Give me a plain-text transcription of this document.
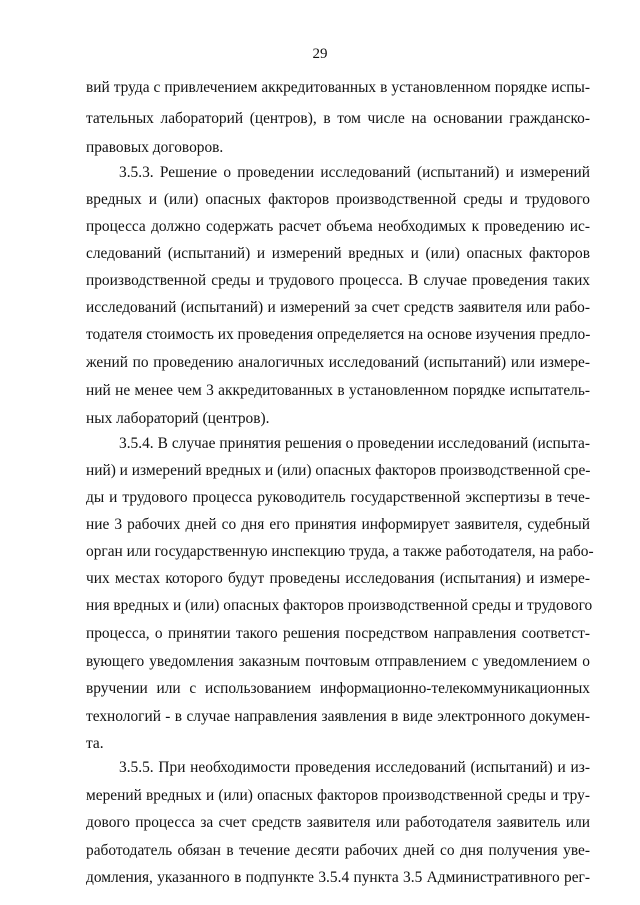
29
вий труда с привлечением аккредитованных в установленном порядке испы-
тательных лабораторий (центров), в том числе на основании гражданско-
правовых договоров.
3.5.3. Решение о проведении исследований (испытаний) и измерений
вредных и (или) опасных факторов производственной среды и трудового
процесса должно содержать расчет объема необходимых к проведению ис-
следований (испытаний) и измерений вредных и (или) опасных факторов
производственной среды и трудового процесса. В случае проведения таких
исследований (испытаний) и измерений за счет средств заявителя или рабо-
тодателя стоимость их проведения определяется на основе изучения предло-
жений по проведению аналогичных исследований (испытаний) или измере-
ний не менее чем 3 аккредитованных в установленном порядке испытатель-
ных лабораторий (центров).
3.5.4. В случае принятия решения о проведении исследований (испыта-
ний) и измерений вредных и (или) опасных факторов производственной сре-
ды и трудового процесса руководитель государственной экспертизы в тече-
ние 3 рабочих дней со дня его принятия информирует заявителя, судебный
орган или государственную инспекцию труда, а также работодателя, на рабо-
чих местах которого будут проведены исследования (испытания) и измере-
ния вредных и (или) опасных факторов производственной среды и трудового
процесса, о принятии такого решения посредством направления соответст-
вующего уведомления заказным почтовым отправлением с уведомлением о
вручении или с использованием информационно-телекоммуникационных
технологий - в случае направления заявления в виде электронного докумен-
та.
3.5.5. При необходимости проведения исследований (испытаний) и из-
мерений вредных и (или) опасных факторов производственной среды и тру-
дового процесса за счет средств заявителя или работодателя заявитель или
работодатель обязан в течение десяти рабочих дней со дня получения уве-
домления, указанного в подпункте 3.5.4 пункта 3.5 Административного рег-
